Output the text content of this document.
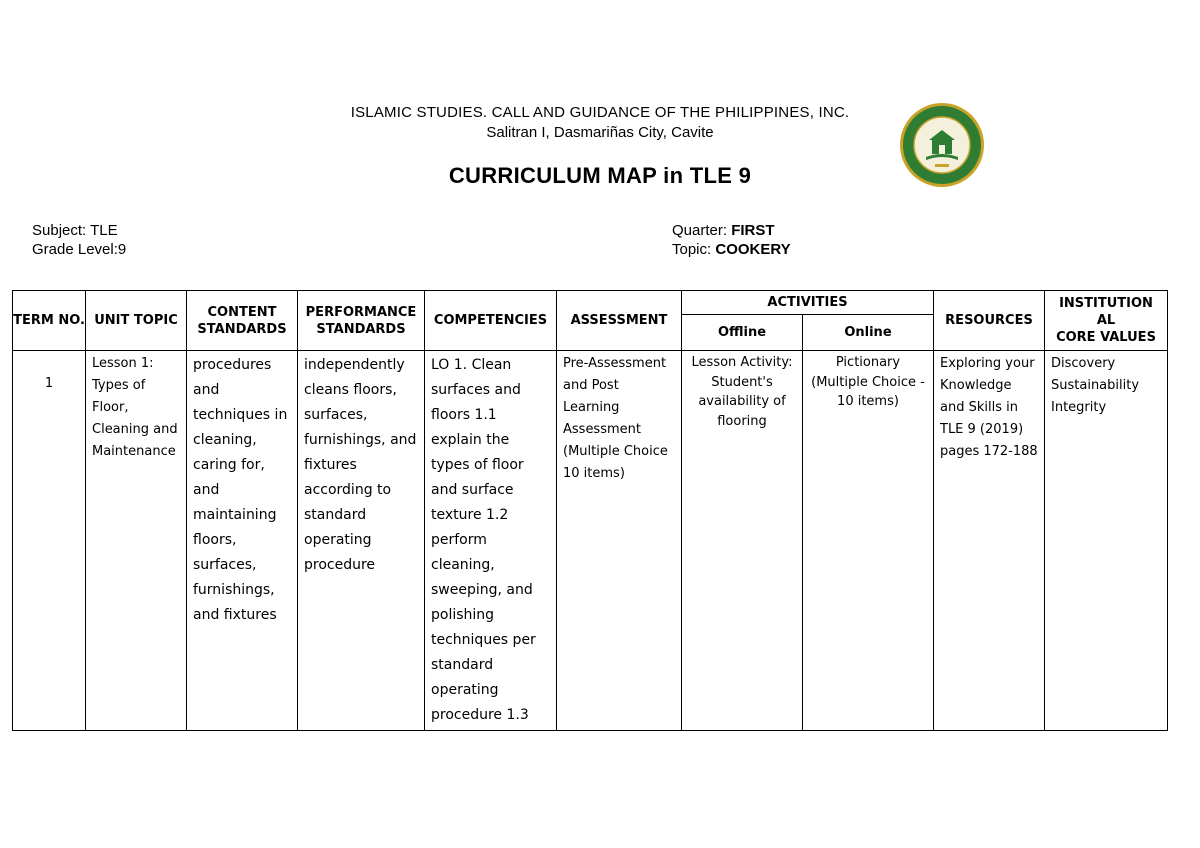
ISLAMIC STUDIES. CALL AND GUIDANCE OF THE PHILIPPINES, INC.
Salitran I, Dasmariñas City, Cavite
CURRICULUM MAP in TLE 9
Subject: TLE
Grade Level:9
Quarter: FIRST
Topic: COOKERY
TERM NO.	UNIT TOPIC	CONTENT STANDARDS	PERFORMANCE STANDARDS	COMPETENCIES	ASSESSMENT	ACTIVITIES		RESOURCES	INSTITUTION
AL
CORE VALUES

						Offline	Online		

1	Lesson 1: Types of Floor, Cleaning and Maintenance	procedures and techniques in cleaning, caring for, and maintaining floors, surfaces, furnishings, and fixtures	independently cleans floors, surfaces, furnishings, and fixtures according to standard operating procedure	LO 1. Clean surfaces and floors 1.1 explain the types of floor and surface texture 1.2 perform cleaning, sweeping, and polishing techniques per standard operating procedure 1.3	Pre-Assessment and Post Learning Assessment (Multiple Choice 10 items)	Lesson Activity: Student's availability of flooring	Pictionary (Multiple Choice - 10 items)	Exploring your Knowledge and Skills in TLE 9 (2019) pages 172-188	Discovery
Sustainability
Integrity
